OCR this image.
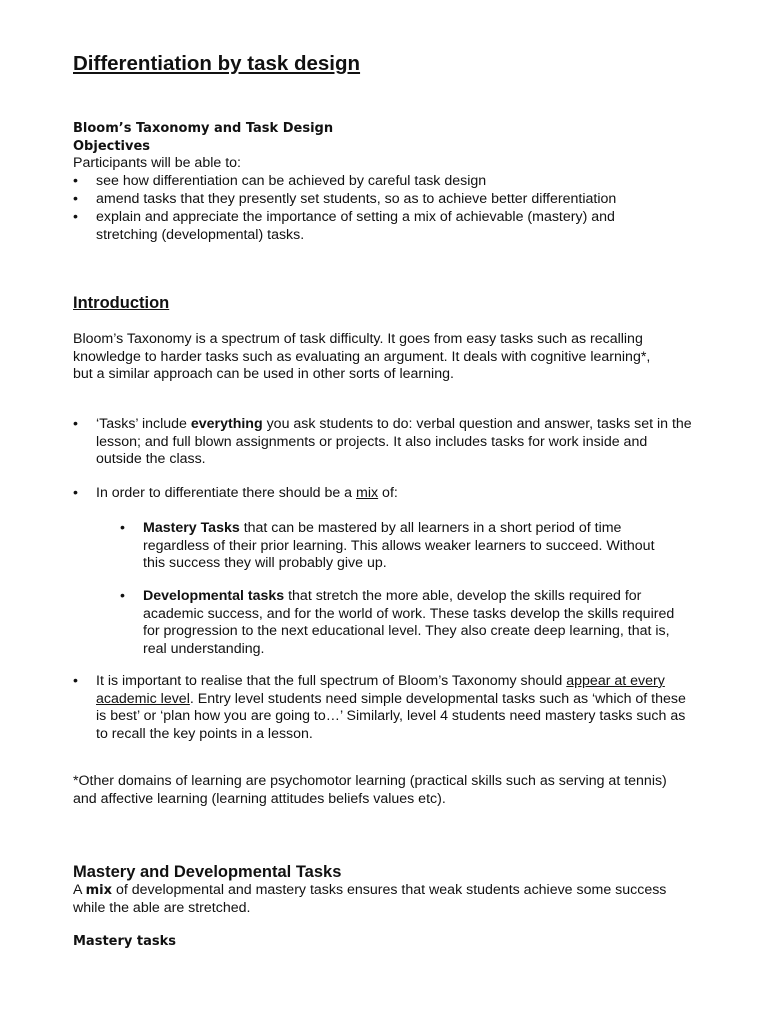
Differentiation by task design
Bloom’s Taxonomy and Task Design
Objectives
Participants will be able to:
•	see how differentiation can be achieved by careful task design
•	amend tasks that they presently set students, so as to achieve better differentiation
•	explain and appreciate the importance of setting a mix of achievable (mastery) and stretching (developmental) tasks.
Introduction

Bloom’s Taxonomy is a spectrum of task difficulty. It goes from easy tasks such as recalling knowledge to harder tasks such as evaluating an argument. It deals with cognitive learning*, but a similar approach can be used in other sorts of learning.

•	‘Tasks’ include everything you ask students to do: verbal question and answer, tasks set in the lesson; and full blown assignments or projects. It also includes tasks for work inside and outside the class.
•	In order to differentiate there should be a mix of:
•	Mastery Tasks that can be mastered by all learners in a short period of time regardless of their prior learning. This allows weaker learners to succeed. Without this success they will probably give up.
•	Developmental tasks that stretch the more able, develop the skills required for academic success, and for the world of work. These tasks develop the skills required for progression to the next educational level. They also create deep learning, that is, real understanding.
•	It is important to realise that the full spectrum of Bloom’s Taxonomy should appear at every academic level. Entry level students need simple developmental tasks such as ‘which of these is best’ or ‘plan how you are going to…’ Similarly, level 4 students need mastery tasks such as to recall the key points in a lesson.

*Other domains of learning are psychomotor learning (practical skills such as serving at tennis) and affective learning (learning attitudes beliefs values etc).

Mastery and Developmental Tasks

A mix of developmental and mastery tasks ensures that weak students achieve some success while the able are stretched.

Mastery tasks
